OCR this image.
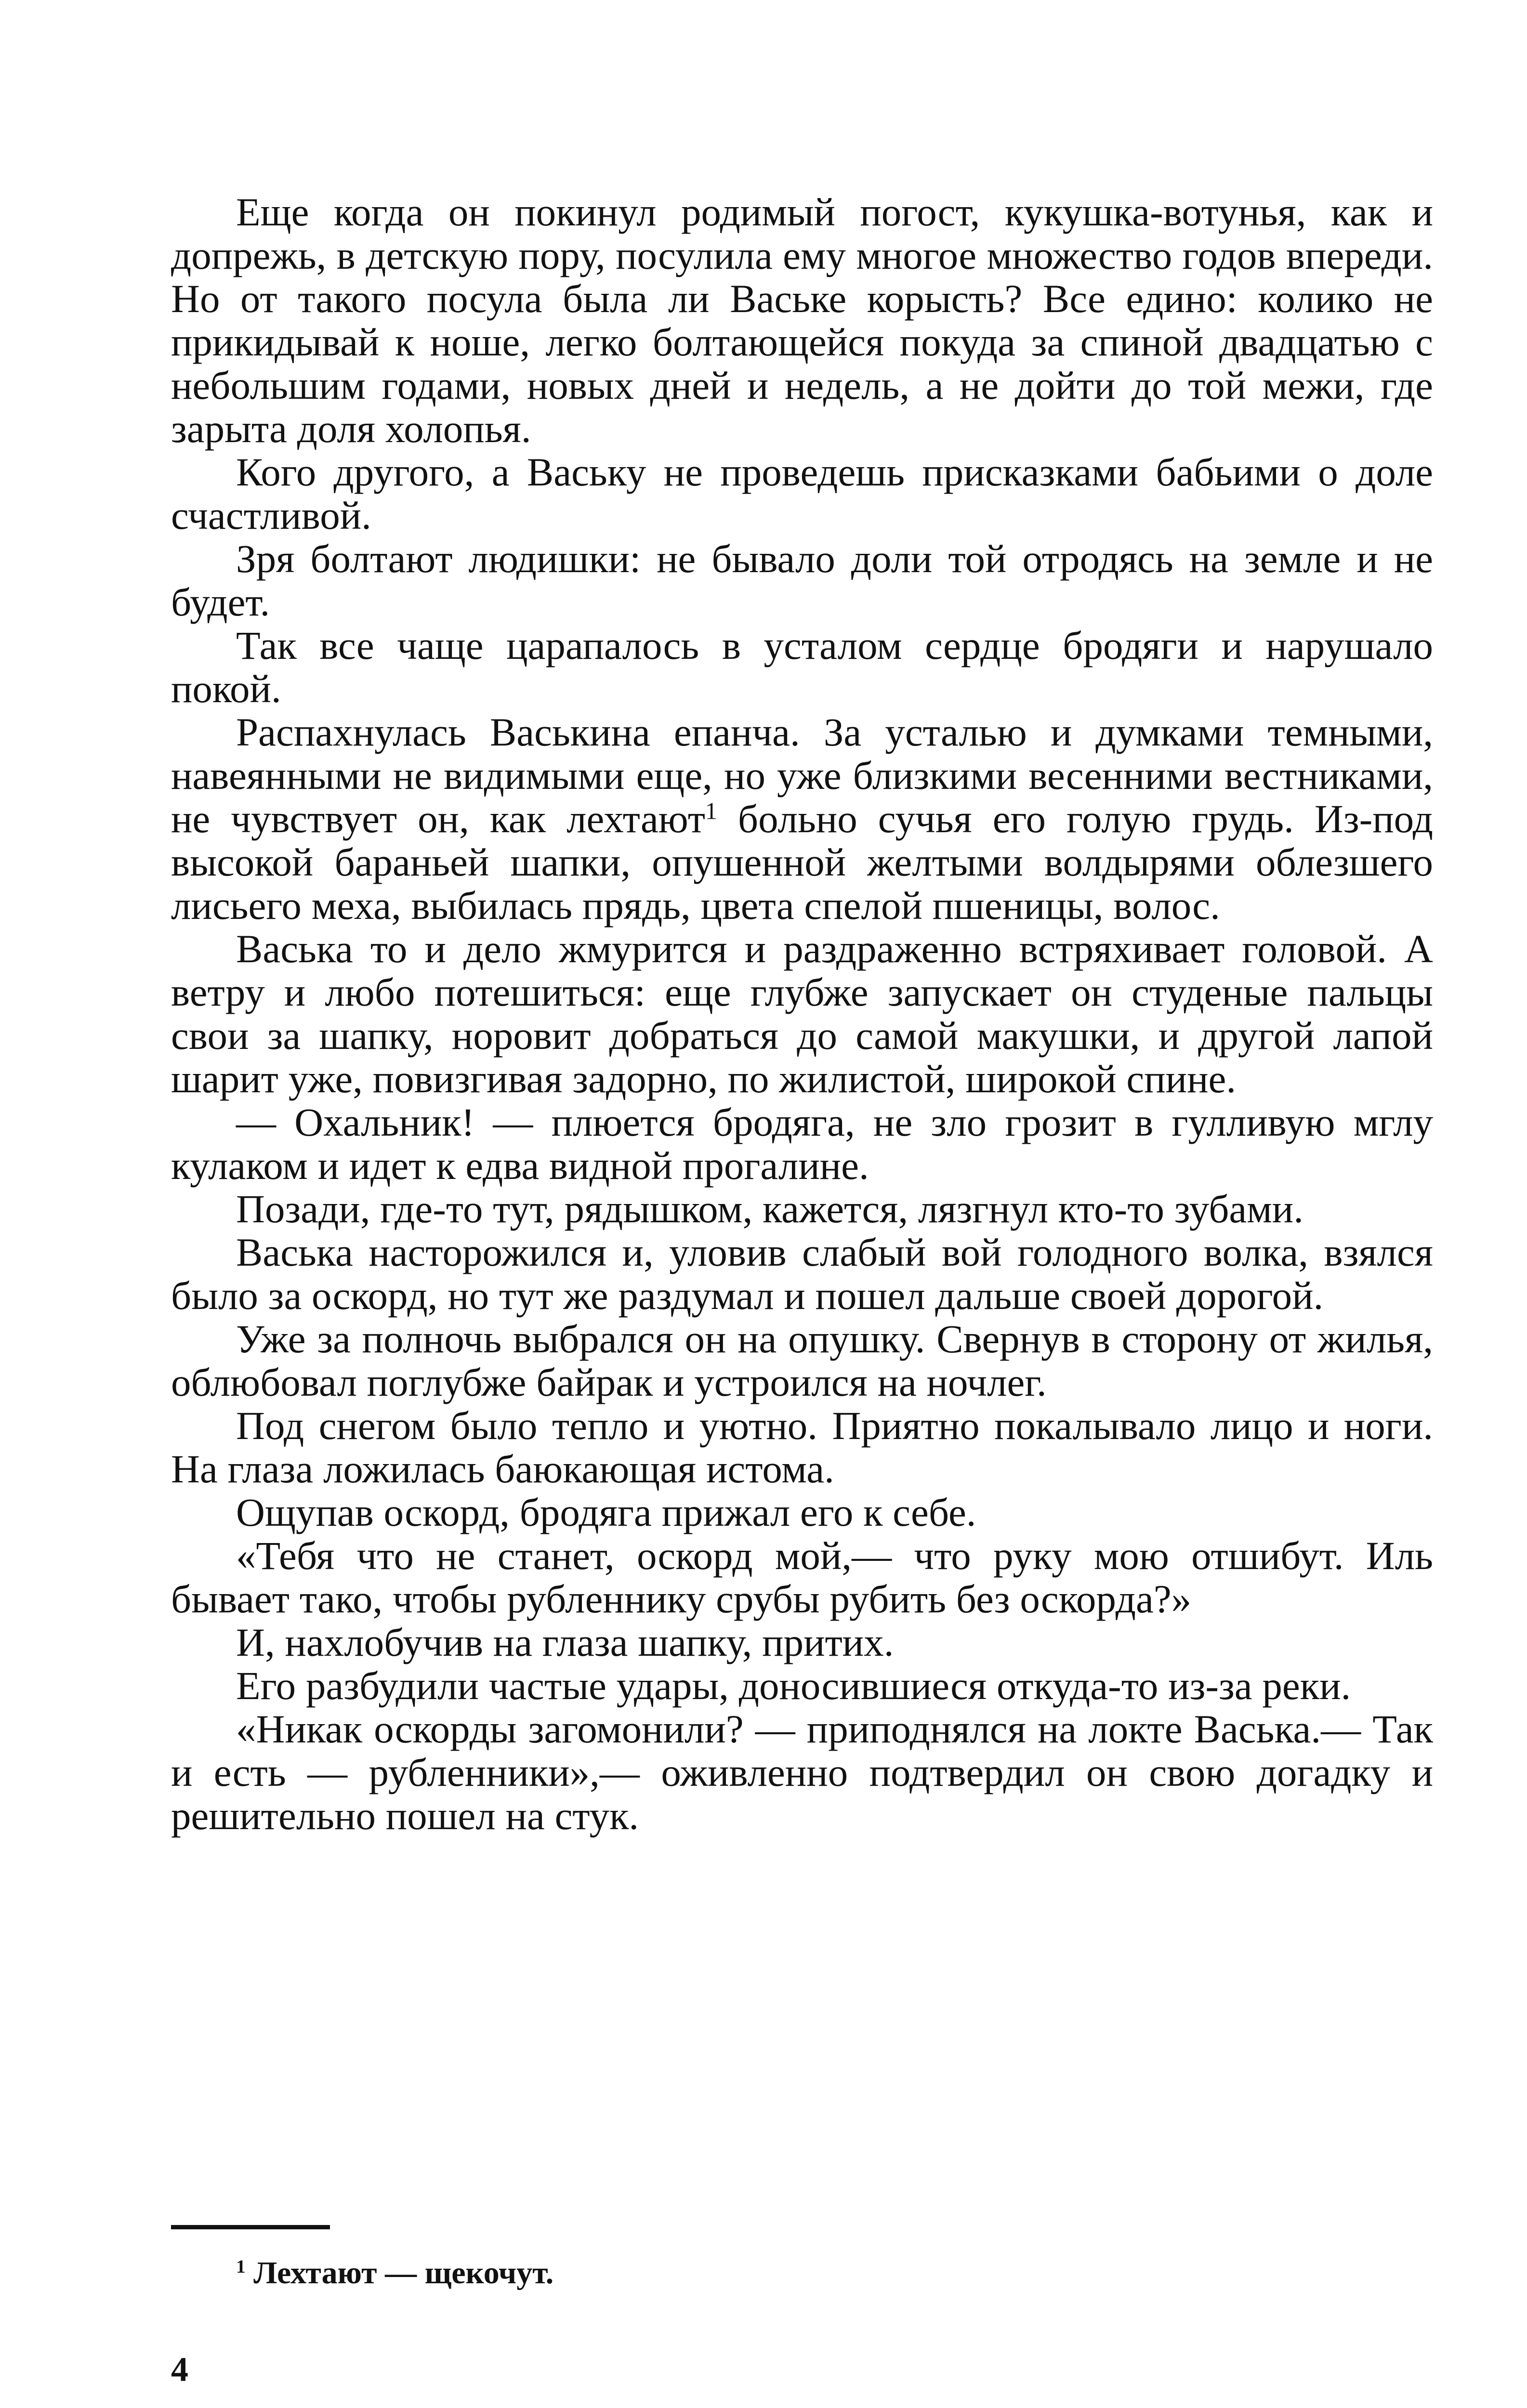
Еще когда он покинул родимый погост, кукушка-вотунья, как и допрежь, в детскую пору, посулила ему многое множество годов впереди. Но от такого посула была ли Ваське корысть? Все едино: колико не прикидывай к ноше, легко болтающейся покуда за спиной двадцатью с небольшим годами, новых дней и недель, а не дойти до той межи, где зарыта доля холопья.

Кого другого, а Ваську не проведешь присказками бабьими о доле счастливой.

Зря болтают людишки: не бывало доли той отродясь на земле и не будет.

Так все чаще царапалось в усталом сердце бродяги и нарушало покой.

Распахнулась Васькина епанча. За усталью и думками темными, навеянными не видимыми еще, но уже близкими весенними вестниками, не чувствует он, как лехтают$^1$ больно сучья его голую грудь. Из-под высокой бараньей шапки, опушенной желтыми волдырями облезшего лисьего меха, выбилась прядь, цвета спелой пшеницы, волос.

Васька то и дело жмурится и раздраженно встряхивает головой. А ветру и любо потешиться: еще глубже запускает он студеные пальцы свои за шапку, норовит добраться до самой макушки, и другой лапой шарит уже, повизгивая задорно, по жилистой, широкой спине.

— Охальник! — плюется бродяга, не зло грозит в гулливую мглу кулаком и идет к едва видной прогалине.

Позади, где-то тут, рядышком, кажется, лязгнул кто-то зубами.

Васька насторожился и, уловив слабый вой голодного волка, взялся было за оскорд, но тут же раздумал и пошел дальше своей дорогой.

Уже за полночь выбрался он на опушку. Свернув в сторону от жилья, облюбовал поглубже байрак и устроился на ночлег.

Под снегом было тепло и уютно. Приятно покалывало лицо и ноги. На глаза ложилась баюкающая истома.

Ощупав оскорд, бродяга прижал его к себе.

«Тебя что не станет, оскорд мой,— что руку мою отшибут. Иль бывает тако, чтобы рубленнику срубы рубить без оскорда?»

И, нахлобучив на глаза шапку, притих.

Его разбудили частые удары, доносившиеся откуда-то из-за реки.

«Никак оскорды загомонили? — приподнялся на локте Васька.— Так и есть — рубленники»,— оживленно подтвердил он свою догадку и решительно пошел на стук.

$^1$ Лехтают — щекочут.
4
